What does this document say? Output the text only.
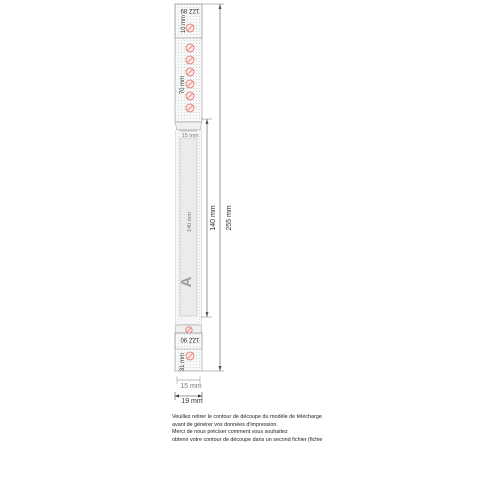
1ZZ 89
1ZZ 90
10 mm
70 mm
140 mm
31 mm
15 mm
A
255 mm
140 mm
15 mm
19 mm
Veuillez retirer le contour de découpe du modèle de télécharge
avant de générer vos données d'impression.
Merci de nous préciser comment vous souhaitez
obtenir votre contour de découpe dans un second fichier (fichie
